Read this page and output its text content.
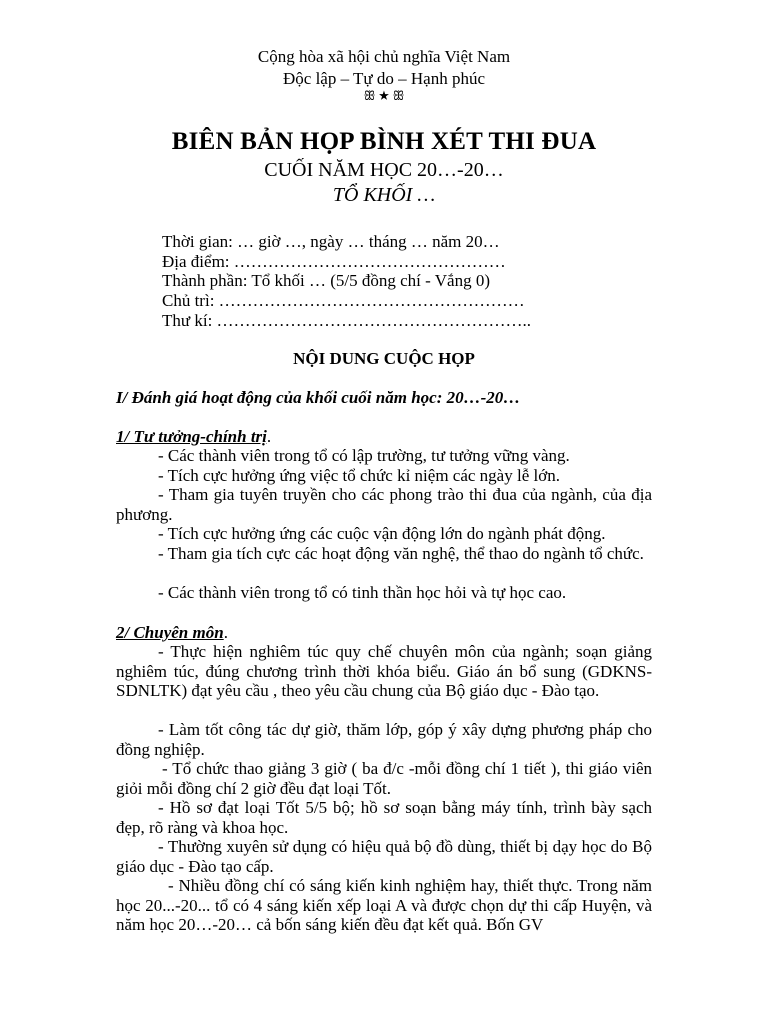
Cộng hòa xã hội chủ nghĩa Việt Nam
Độc lập – Tự do – Hạnh phúc
ꕥ ★ ꕥ
BIÊN BẢN HỌP BÌNH XÉT THI ĐUA
CUỐI NĂM HỌC 20…-20…
TỔ KHỐI …
Thời gian: … giờ …, ngày … tháng … năm 20…
Địa điểm: …………………………………………
Thành phần: Tổ khối … (5/5 đồng chí - Vắng 0)
Chủ trì: ………………………………………………
Thư kí: ………………………………………………..
NỘI DUNG CUỘC HỌP
I/ Đánh giá hoạt động của khối cuối năm học: 20…-20…
1/ Tư tưởng-chính trị.
- Các thành viên trong tổ có lập trường, tư tưởng vững vàng.
- Tích cực hưởng ứng việc tổ chức kỉ niệm các ngày lễ lớn.
- Tham gia tuyên truyền cho các phong trào thi đua của ngành, của địa phương.
- Tích cực hưởng ứng các cuộc vận động lớn do ngành phát động.
- Tham gia tích cực các hoạt động văn nghệ, thể thao do ngành tổ chức.
- Các thành viên trong tổ có tinh thần học hỏi và tự học cao.
2/ Chuyên môn.
- Thực hiện nghiêm túc quy chế chuyên môn của ngành; soạn giảng nghiêm túc, đúng chương trình thời khóa biểu. Giáo án bổ sung (GDKNS-SDNLTK) đạt yêu cầu , theo yêu cầu chung của Bộ giáo dục - Đào tạo.
- Làm tốt công tác dự giờ, thăm lớp, góp ý xây dựng phương pháp cho đồng nghiệp.
- Tổ chức thao giảng 3 giờ ( ba đ/c -mỗi đồng chí 1 tiết ), thi giáo viên giỏi mỗi đồng chí 2 giờ đều đạt loại Tốt.
- Hồ sơ đạt loại Tốt 5/5 bộ; hồ sơ soạn bằng máy tính, trình bày sạch đẹp, rõ ràng và khoa học.
- Thường xuyên sử dụng có hiệu quả bộ đồ dùng, thiết bị dạy học do Bộ giáo dục - Đào tạo cấp.
- Nhiều đồng chí có sáng kiến kinh nghiệm hay, thiết thực. Trong năm học 20...-20... tổ có 4 sáng kiến xếp loại A và được chọn dự thi cấp Huyện, và năm học 20…-20… cả bốn sáng kiến đều đạt kết quả. Bốn GV
